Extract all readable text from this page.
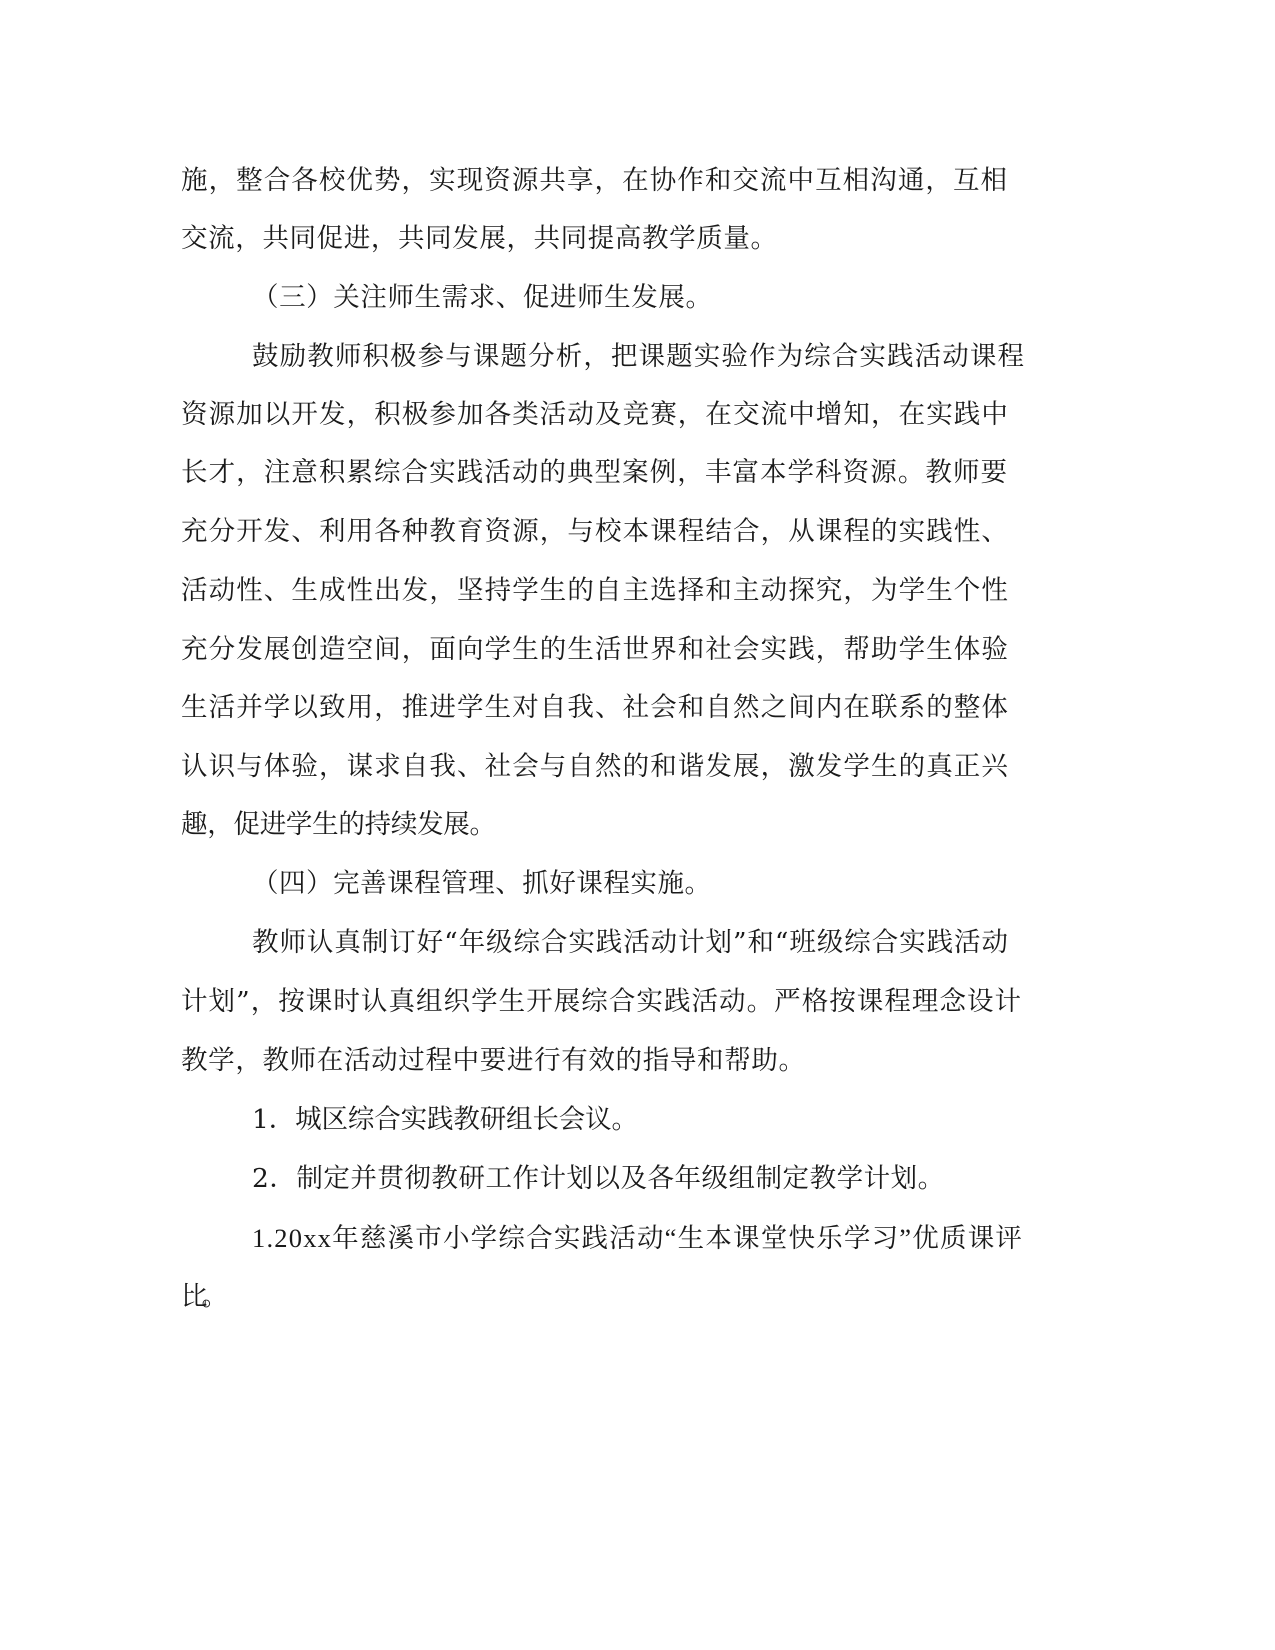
施，整合各校优势，实现资源共享，在协作和交流中互相沟通，互相
交流，共同促进，共同发展，共同提高教学质量。
（三）关注师生需求、促进师生发展。
鼓励教师积极参与课题分析，把课题实验作为综合实践活动课程
资源加以开发，积极参加各类活动及竞赛，在交流中增知，在实践中
长才，注意积累综合实践活动的典型案例，丰富本学科资源。教师要
充分开发、利用各种教育资源，与校本课程结合，从课程的实践性、
活动性、生成性出发，坚持学生的自主选择和主动探究，为学生个性
充分发展创造空间，面向学生的生活世界和社会实践，帮助学生体验
生活并学以致用，推进学生对自我、社会和自然之间内在联系的整体
认识与体验，谋求自我、社会与自然的和谐发展，激发学生的真正兴
趣，促进学生的持续发展。
（四）完善课程管理、抓好课程实施。
教师认真制订好“年级综合实践活动计划”和“班级综合实践活动
计划”，按课时认真组织学生开展综合实践活动。严格按课程理念设计
教学，教师在活动过程中要进行有效的指导和帮助。
1．城区综合实践教研组长会议。
2．制定并贯彻教研工作计划以及各年级组制定教学计划。
1.20xx年慈溪市小学综合实践活动“生本课堂快乐学习”优质课评
比。
